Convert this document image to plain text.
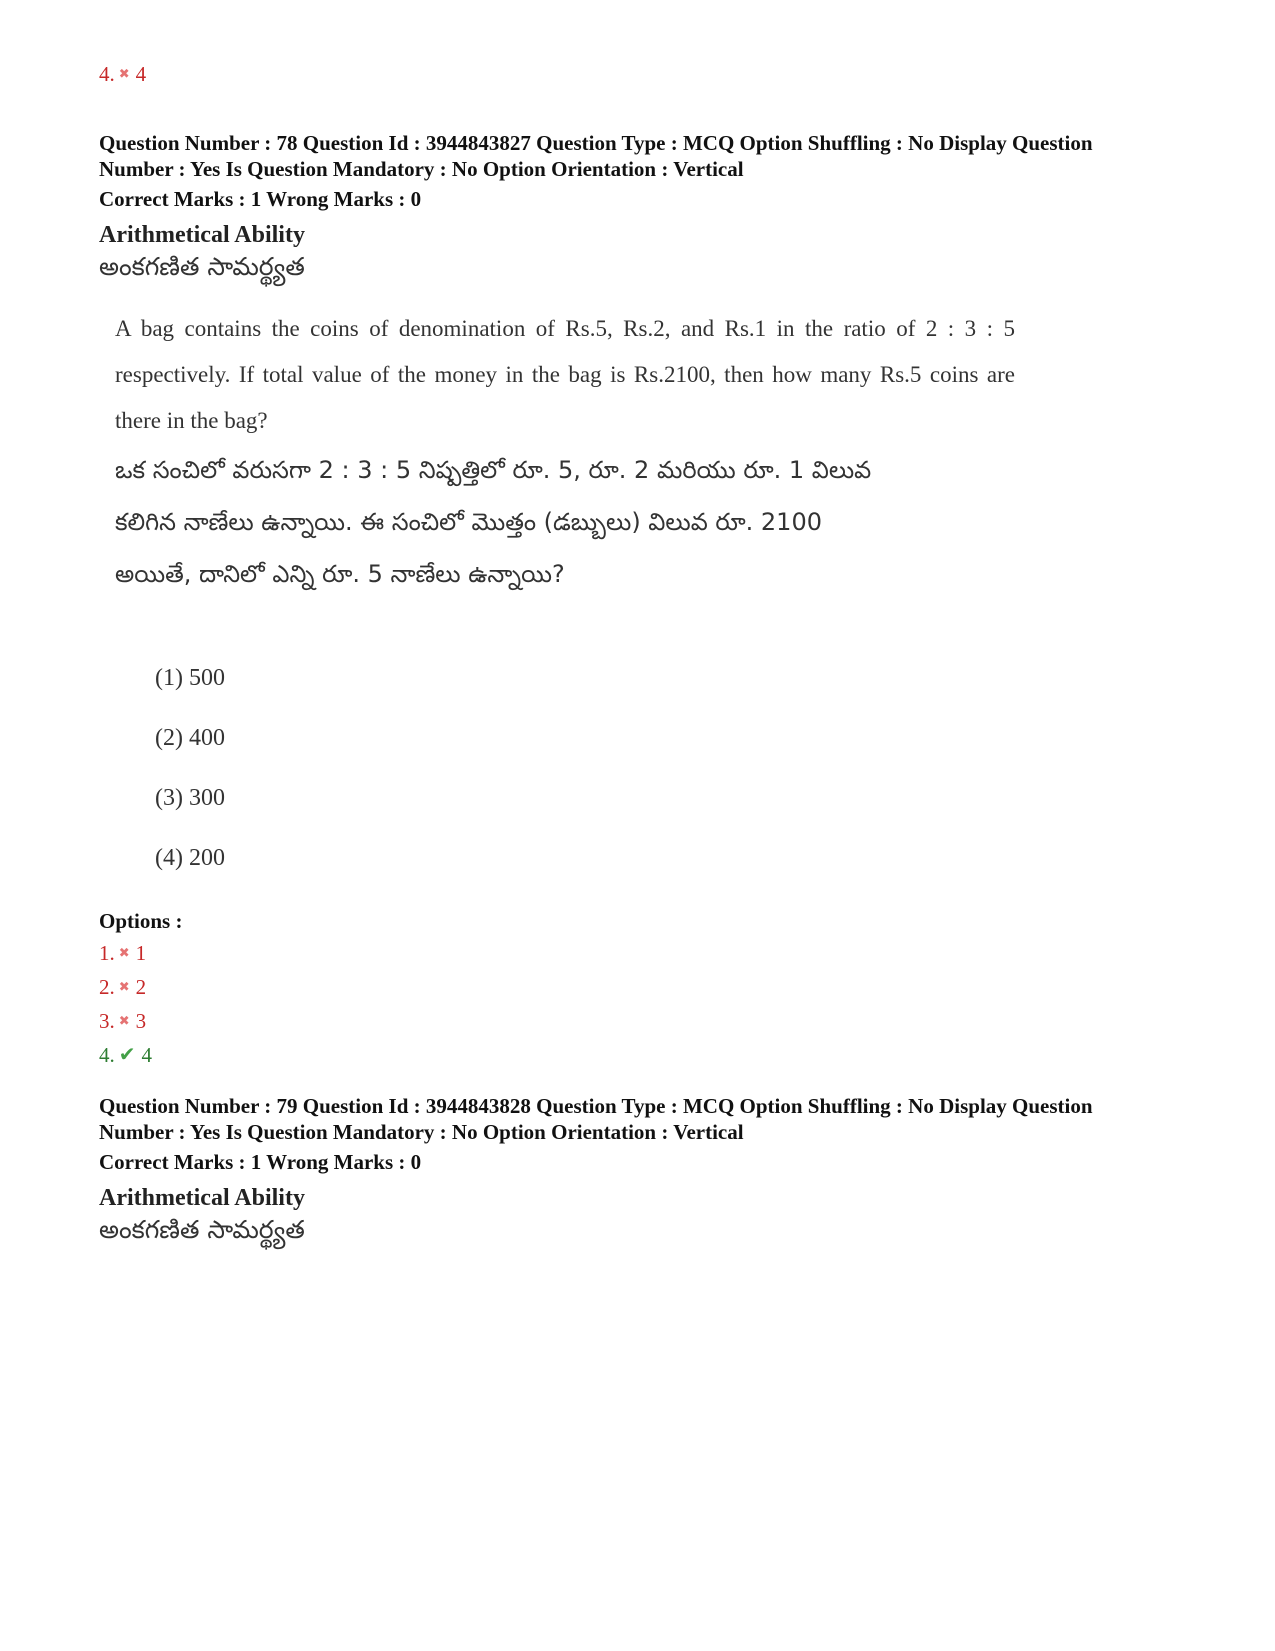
4. ✖ 4
Question Number : 78 Question Id : 3944843827 Question Type : MCQ Option Shuffling : No Display Question
Number : Yes Is Question Mandatory : No Option Orientation : Vertical
Correct Marks : 1 Wrong Marks : 0
Arithmetical Ability
అంకగణిత సామర్థ్యత
A bag contains the coins of denomination of Rs.5, Rs.2, and Rs.1 in the ratio of 2 : 3 : 5 respectively. If total value of the money in the bag is Rs.2100, then how many Rs.5 coins are there in the bag?
ఒక సంచిలో వరుసగా 2 : 3 : 5 నిష్పత్తిలో రూ. 5, రూ. 2 మరియు రూ. 1 విలువ
కలిగిన నాణేలు ఉన్నాయి. ఈ సంచిలో మొత్తం (డబ్బులు) విలువ రూ. 2100
అయితే, దానిలో ఎన్ని రూ. 5 నాణేలు ఉన్నాయి?
(1) 500
(2) 400
(3) 300
(4) 200
Options :
1. ✖ 1
2. ✖ 2
3. ✖ 3
4. ✔ 4
Question Number : 79 Question Id : 3944843828 Question Type : MCQ Option Shuffling : No Display Question
Number : Yes Is Question Mandatory : No Option Orientation : Vertical
Correct Marks : 1 Wrong Marks : 0
Arithmetical Ability
అంకగణిత సామర్థ్యత
